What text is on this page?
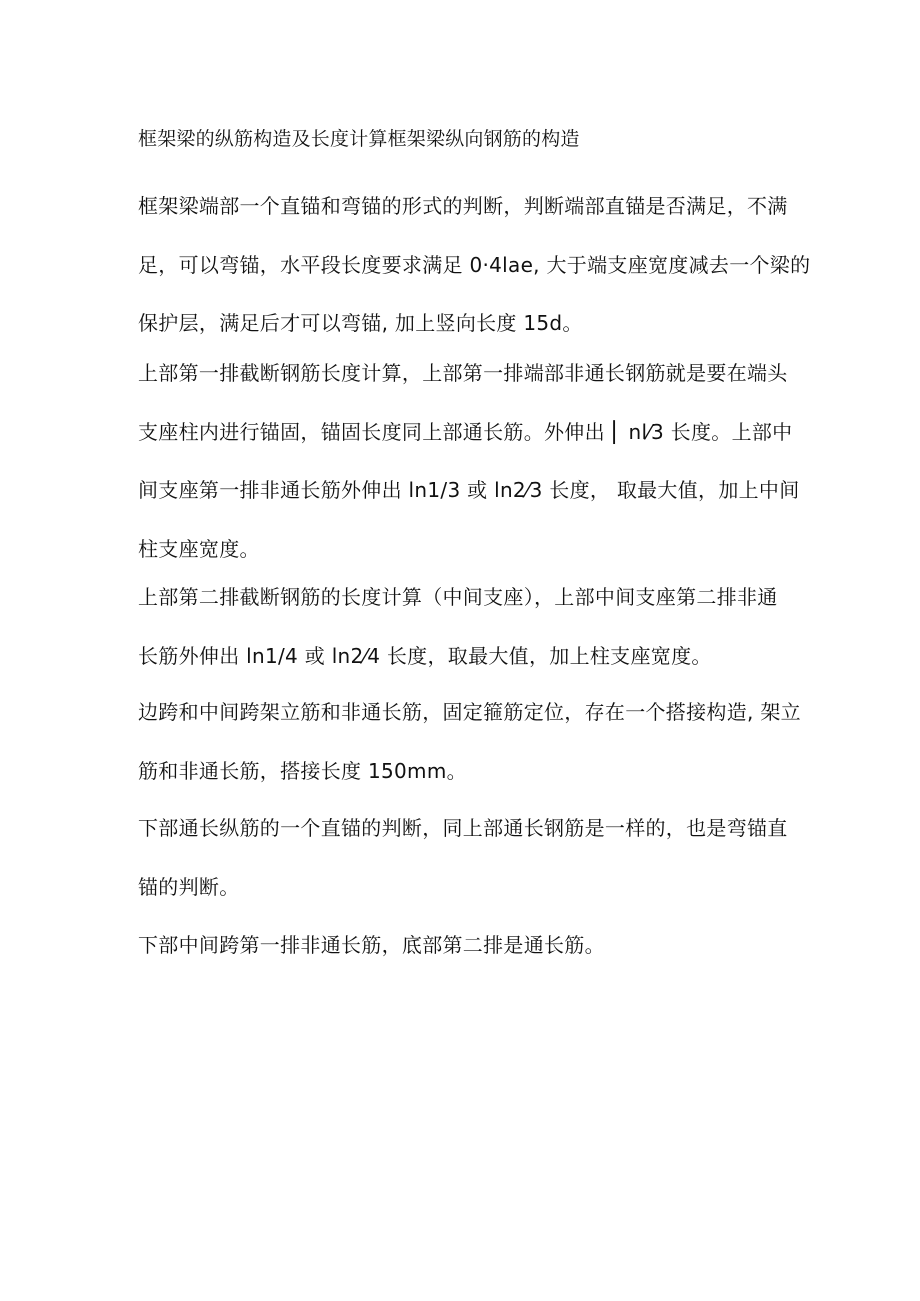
框架梁的纵筋构造及长度计算框架梁纵向钢筋的构造

框架梁端部一个直锚和弯锚的形式的判断，判断端部直锚是否满足，不满
足，可以弯锚，水平段长度要求满足 0·4lae, 大于端支座宽度减去一个梁的
保护层，满足后才可以弯锚, 加上竖向长度 15d。

上部第一排截断钢筋长度计算，上部第一排端部非通长钢筋就是要在端头
支座柱内进行锚固，锚固长度同上部通长筋。外伸出 ⎜ nl⁄3 长度。上部中
间支座第一排非通长筋外伸出 ln1/3 或 ln2⁄3 长度， 取最大值，加上中间
柱支座宽度。

上部第二排截断钢筋的长度计算（中间支座），上部中间支座第二排非通
长筋外伸出 ln1/4 或 ln2⁄4 长度，取最大值，加上柱支座宽度。

边跨和中间跨架立筋和非通长筋，固定箍筋定位，存在一个搭接构造, 架立
筋和非通长筋，搭接长度 150mm。

下部通长纵筋的一个直锚的判断，同上部通长钢筋是一样的，也是弯锚直
锚的判断。

下部中间跨第一排非通长筋，底部第二排是通长筋。
